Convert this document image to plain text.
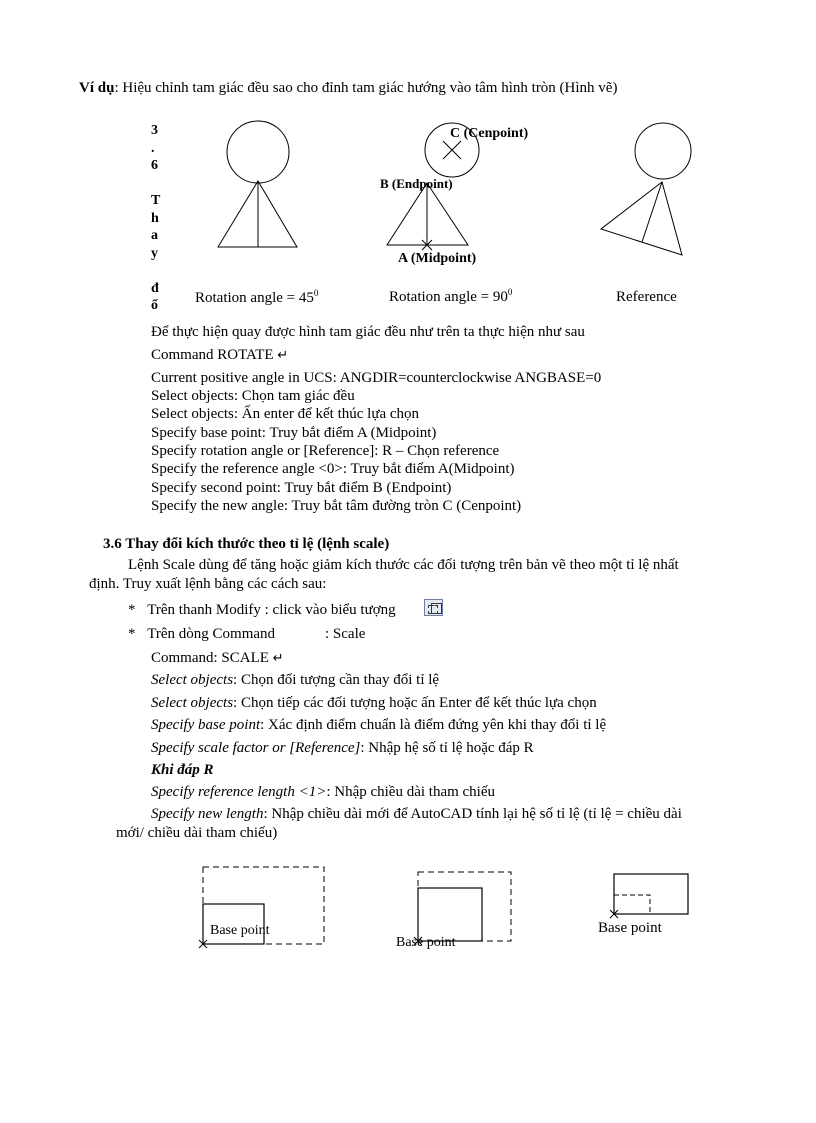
Ví dụ: Hiệu chỉnh tam giác đều sao cho đỉnh tam giác hướng vào tâm hình tròn (Hình vẽ)
3
.
6
T
h
a
y
đ
ổ
C (Cenpoint)
B (Endpoint)
A (Midpoint)
Rotation angle = $45^0$	Rotation angle = $90^0$	Reference
Để thực hiện quay được hình tam giác đều như trên ta thực hiện như sau
Command ROTATE ↵
Current positive angle in UCS: ANGDIR=counterclockwise ANGBASE=0
Select objects: Chọn tam giác đều
Select objects: Ấn enter để kết thúc lựa chọn
Specify base point: Truy bắt điểm A (Midpoint)
Specify rotation angle or [Reference]: R – Chọn reference
Specify the reference angle <0>: Truy bắt điểm A(Midpoint)
Specify second point: Truy bắt điểm B (Endpoint)
Specify the new angle: Truy bắt tâm đường tròn C (Cenpoint)
3.6 Thay đổi kích thước theo tỉ lệ (lệnh scale)
Lệnh Scale dùng để tăng hoặc giảm kích thước các đối tượng trên bản vẽ theo một tỉ lệ nhất
định. Truy xuất lệnh bằng các cách sau:
* Trên thanh Modify : click vào biểu tượng
* Trên dòng Command	: Scale
Command: SCALE ↵
Select objects: Chọn đối tượng cần thay đổi tỉ lệ
Select objects: Chọn tiếp các đối tượng hoặc ấn Enter để kết thúc lựa chọn
Specify base point: Xác định điểm chuẩn là điểm đứng yên khi thay đổi tỉ lệ
Specify scale factor or [Reference]: Nhập hệ số tỉ lệ hoặc đáp R
Khi đáp R
Specify reference length <1>: Nhập chiều dài tham chiếu
Specify new length: Nhập chiều dài mới để AutoCAD tính lại hệ số tỉ lệ (tỉ lệ = chiều dài
mới/ chiều dài tham chiếu)
Base point
Base point
Base point
